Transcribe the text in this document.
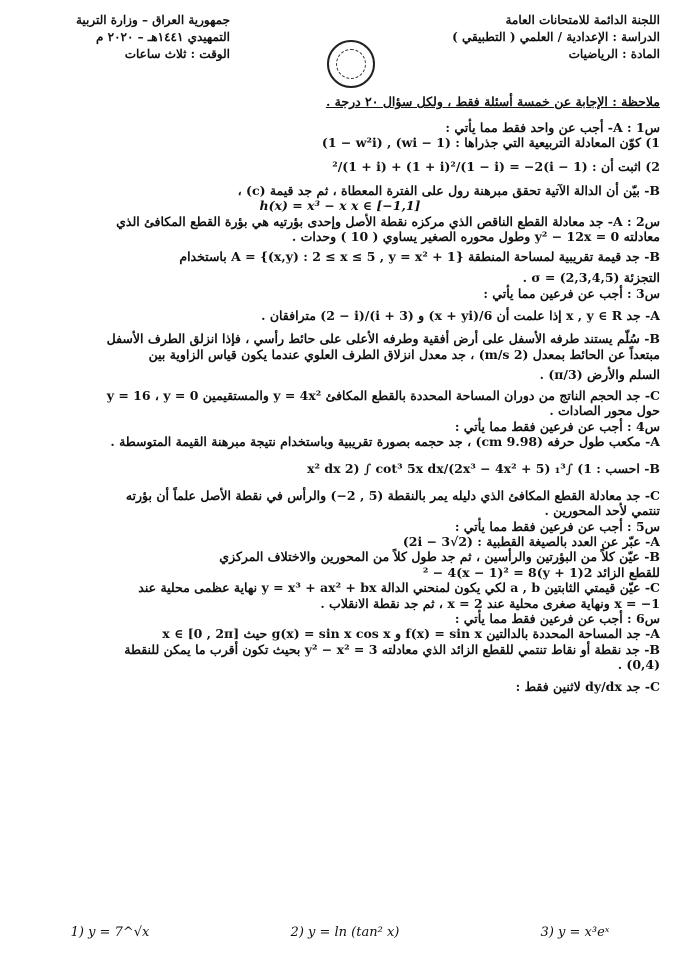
جمهورية العراق – وزارة التربية
التمهيدي ١٤٤١هـ – ٢٠٢٠ م
الوقت : ثلاث ساعات
اللجنة الدائمة للامتحانات العامة
الدراسة : الإعدادية / العلمي ( التطبيقي )
المادة : الرياضيات
ملاحظة : الإجابة عن خمسة أسئلة فقط ، ولكل سؤال ٢٠ درجة .
س1 : A- أجب عن واحد فقط مما يأتي :
1) كوّن المعادلة التربيعية التي جذراها : (1 − wi) , (1 − w²i)
2) اثبت أن : (1 − i)²/(1 + i) + (1 + i)²/(1 − i) = −2
B- بيّن أن الدالة الآتية تحقق مبرهنة رول على الفترة المعطاة ، ثم جد قيمة (c) ،
h(x) = x³ − x x ∈ [−1,1]
س2 : A- جد معادلة القطع الناقص الذي مركزه نقطة الأصل وإحدى بؤرتيه هي بؤرة القطع المكافئ الذي
معادلته y² − 12x = 0 وطول محوره الصغير يساوي ( 10 ) وحدات .
B- جد قيمة تقريبية لمساحة المنطقة A = {(x,y) : 2 ≤ x ≤ 5 , y = x² + 1} باستخدام
التجزئة σ = (2,3,4,5) .
س3 : أجب عن فرعين مما يأتي :
A- جد x , y ∈ R إذا علمت أن 6/(x + yi) و (3 + i)/(2 − i) مترافقان .
B- سُلّم يستند طرفه الأسفل على أرض أفقية وطرفه الأعلى على حائط رأسي ، فإذا انزلق الطرف الأسفل
مبتعداً عن الحائط بمعدل (2 m/s) ، جد معدل انزلاق الطرف العلوي عندما يكون قياس الزاوية بين
السلم والأرض (π/3) .
C- جد الحجم الناتج من دوران المساحة المحددة بالقطع المكافئ y = 4x² والمستقيمين y = 16 ، y = 0
حول محور الصادات .
س4 : أجب عن فرعين فقط مما يأتي :
A- مكعب طول حرفه (9.98 cm) ، جد حجمه بصورة تقريبية وباستخدام نتيجة مبرهنة القيمة المتوسطة .
B- احسب : 1) ∫₁³ (2x³ − 4x² + 5)/x² dx 2) ∫ cot³ 5x dx
C- جد معادلة القطع المكافئ الذي دليله يمر بالنقطة (5 , 2−) والرأس في نقطة الأصل علماً أن بؤرته
تنتمي لأحد المحورين .
س5 : أجب عن فرعين فقط مما يأتي :
A- عبّر عن العدد بالصيغة القطبية : (2√3 − 2i)
B- عيّن كلاً من البؤرتين والرأسين ، ثم جد طول كلاً من المحورين والاختلاف المركزي
للقطع الزائد 2(y + 1)² − 4(x − 1)² = 8
C- عيّن قيمتي الثابتين a , b لكي يكون لمنحني الدالة y = x³ + ax² + bx نهاية عظمى محلية عند
x = −1 ونهاية صغرى محلية عند x = 2 ، ثم جد نقطة الانقلاب .
س6 : أجب عن فرعين فقط مما يأتي :
A- جد المساحة المحددة بالدالتين f(x) = sin x و g(x) = sin x cos x حيث x ∈ [0 , 2π]
B- جد نقطة أو نقاط تنتمي للقطع الزائد الذي معادلته y² − x² = 3 بحيث تكون أقرب ما يمكن للنقطة
(0,4) .
C- جد dy/dx لاثنين فقط :
1) y = 7^√x	2) y = ln (tan² x)	3) y = x³eˣ
